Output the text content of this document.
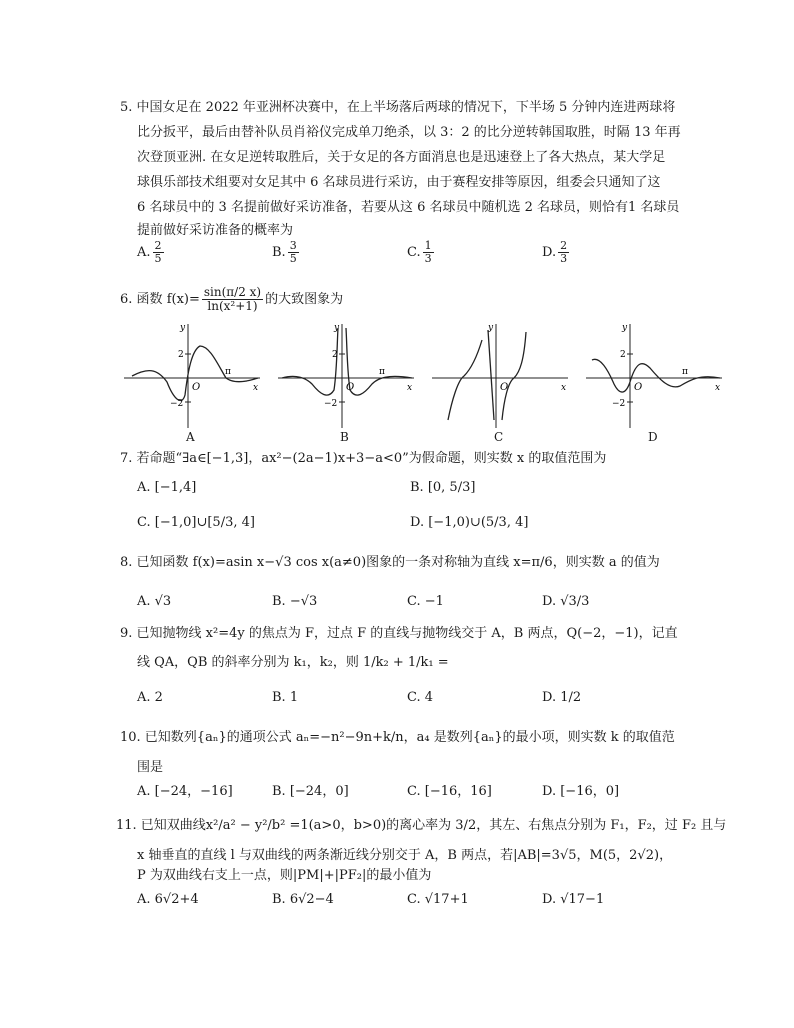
5. 中国女足在 2022 年亚洲杯决赛中，在上半场落后两球的情况下，下半场 5 分钟内连进两球将
比分扳平，最后由替补队员肖裕仪完成单刀绝杀，以 3：2 的比分逆转韩国取胜，时隔 13 年再
次登顶亚洲. 在女足逆转取胜后，关于女足的各方面消息也是迅速登上了各大热点，某大学足
球俱乐部技术组要对女足其中 6 名球员进行采访，由于赛程安排等原因，组委会只通知了这
6 名球员中的 3 名提前做好采访准备，若要从这 6 名球员中随机选 2 名球员，则恰有1 名球员
提前做好采访准备的概率为
A. $\frac{2}{5}$	B. $\frac{3}{5}$	C. $\frac{1}{3}$	D. $\frac{2}{3}$
6. 函数 $f(x)= \frac{\sin(\pi/2 x)}{\text{ln(x²+1)}}$ 的大致图象为
2
−2
O
y
x
π
2
−2
O
y
x
π
O
y
x
2
−2
O
y
x
π
A	B	C	D
7. 若命题“∃a∈[−1,3]，ax²−(2a−1)x+3−a<0”为假命题，则实数 x 的取值范围为
A. [−1,4]	B. [0, 5/3]
C. [−1,0]∪[5/3, 4]	D. [−1,0)∪(5/3, 4]
8. 已知函数 f(x)=asin x−√3 cos x(a≠0)图象的一条对称轴为直线 x=π/6，则实数 a 的值为
A. √3	B. −√3	C. −1	D. √3/3
9. 已知抛物线 x²=4y 的焦点为 F，过点 F 的直线与抛物线交于 A，B 两点，Q(−2，−1)，记直
线 QA，QB 的斜率分别为 k₁，k₂，则 1/k₂ + 1/k₁ =
A. 2	B. 1	C. 4	D. 1/2
10. 已知数列{aₙ}的通项公式 aₙ=−n²−9n+k/n，a₄ 是数列{aₙ}的最小项，则实数 k 的取值范
围是
A. [−24，−16]	B. [−24，0]	C. [−16，16]	D. [−16，0]
11. 已知双曲线x²/a² − y²/b² =1(a>0，b>0)的离心率为 3/2，其左、右焦点分别为 F₁，F₂，过 F₂ 且与
x 轴垂直的直线 l 与双曲线的两条渐近线分别交于 A，B 两点，若|AB|=3√5，M(5，2√2)，
P 为双曲线右支上一点，则|PM|+|PF₂|的最小值为
A. 6√2+4	B. 6√2−4	C. √17+1	D. √17−1
